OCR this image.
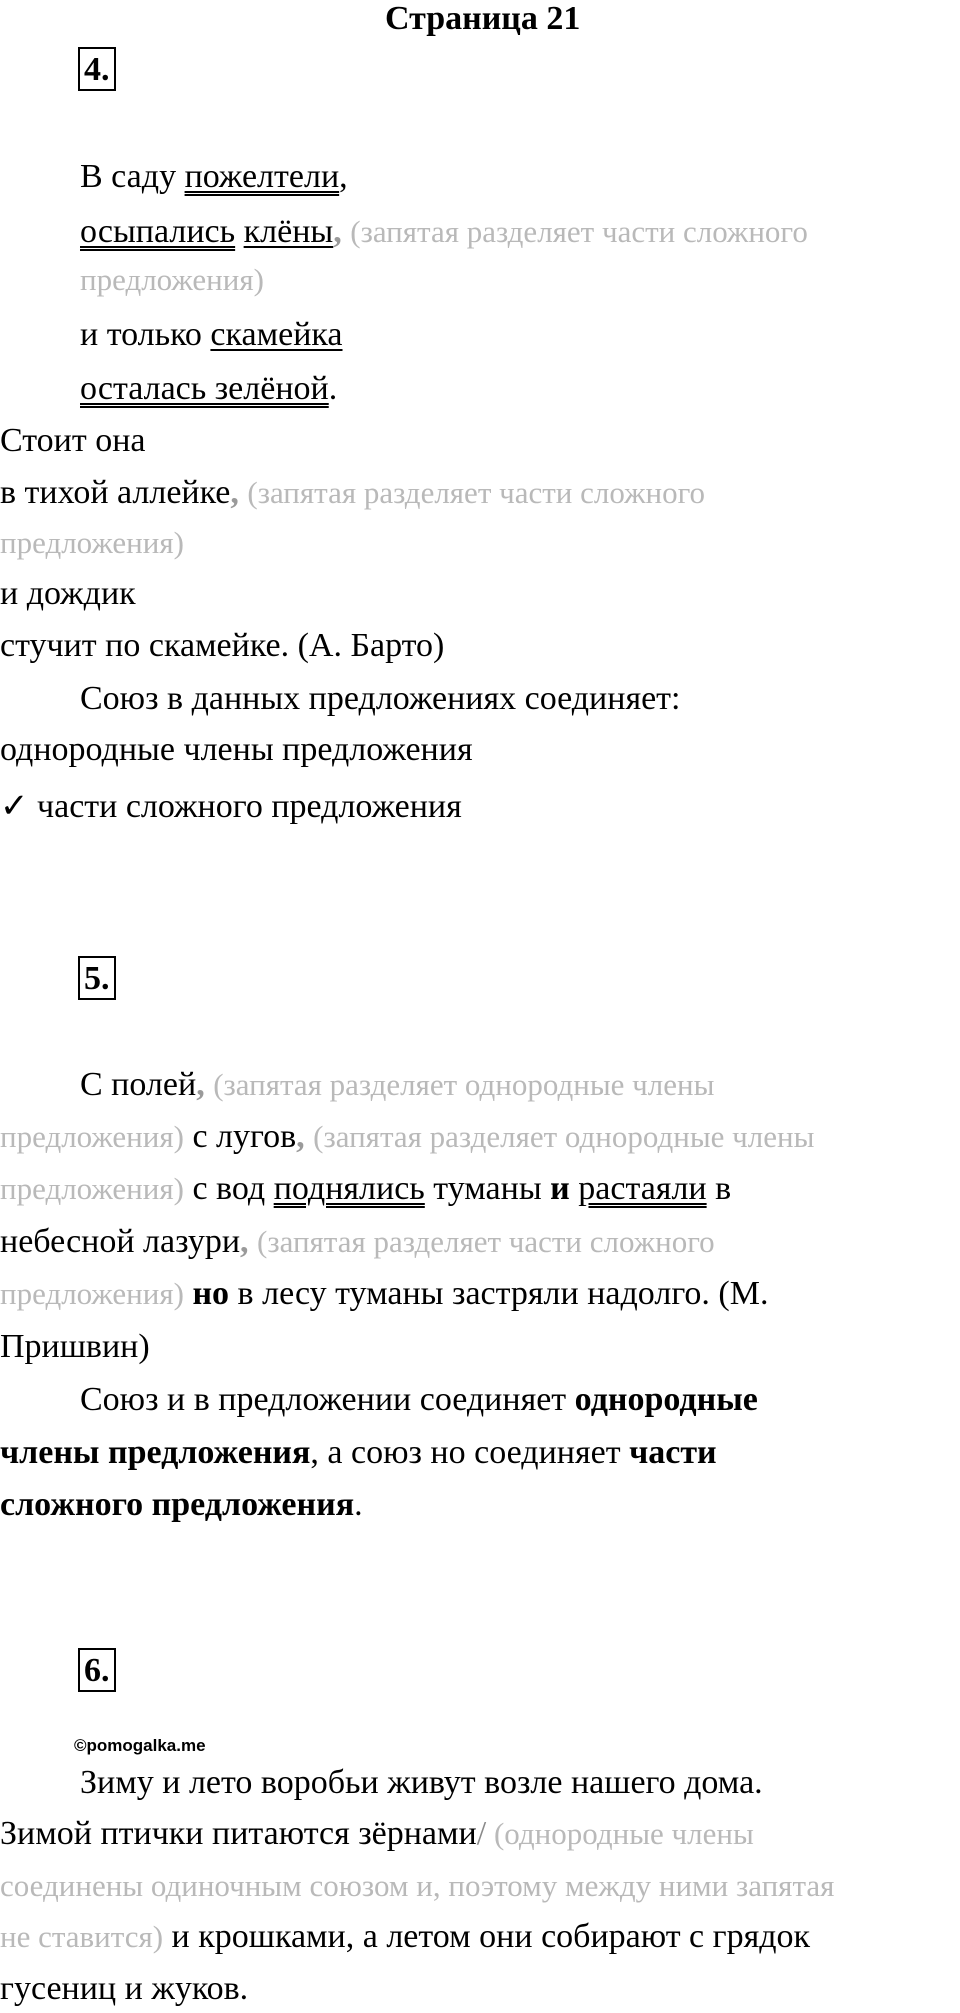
Страница 21
4.
В саду пожелтели,
осыпались клёны, (запятая разделяет части сложного
предложения)
и только скамейка
осталась зелёной.
Стоит она
в тихой аллейке, (запятая разделяет части сложного
предложения)
и дождик
стучит по скамейке. (А. Барто)
Союз в данных предложениях соединяет:
однородные члены предложения
✓ части сложного предложения
5.
С полей, (запятая разделяет однородные члены
предложения) с лугов, (запятая разделяет однородные члены
предложения) с вод поднялись туманы и растаяли в
небесной лазури, (запятая разделяет части сложного
предложения) но в лесу туманы застряли надолго. (М.
Пришвин)
Союз и в предложении соединяет однородные
члены предложения, а союз но соединяет части
сложного предложения.
6.
©pomogalka.me
Зиму и лето воробьи живут возле нашего дома.
Зимой птички питаются зёрнами/ (однородные члены
соединены одиночным союзом и, поэтому между ними запятая
не ставится) и крошками, а летом они собирают с грядок
гусениц и жуков.
